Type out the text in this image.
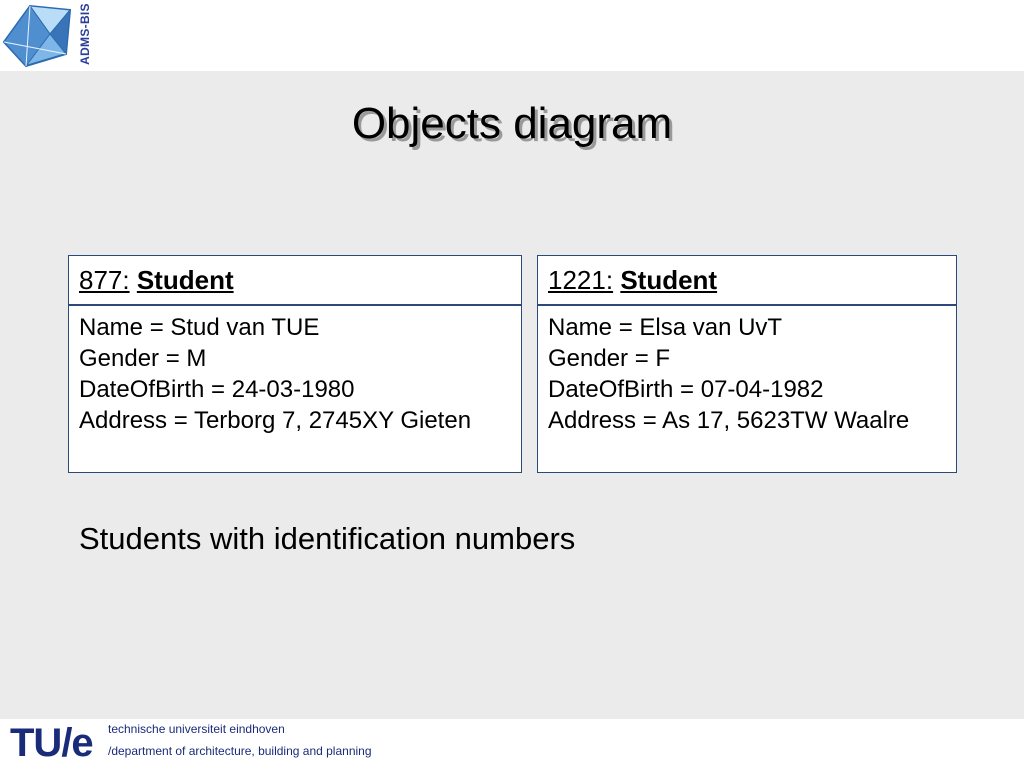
ADMS-BIS
Objects diagram
877: Student
Name = Stud van TUE
Gender = M
DateOfBirth = 24-03-1980
Address = Terborg 7, 2745XY Gieten
1221: Student
Name = Elsa van UvT
Gender = F
DateOfBirth = 07-04-1982
Address = As 17, 5623TW Waalre
Students with identification numbers
TU/e technische universiteit eindhoven
/department of architecture, building and planning
